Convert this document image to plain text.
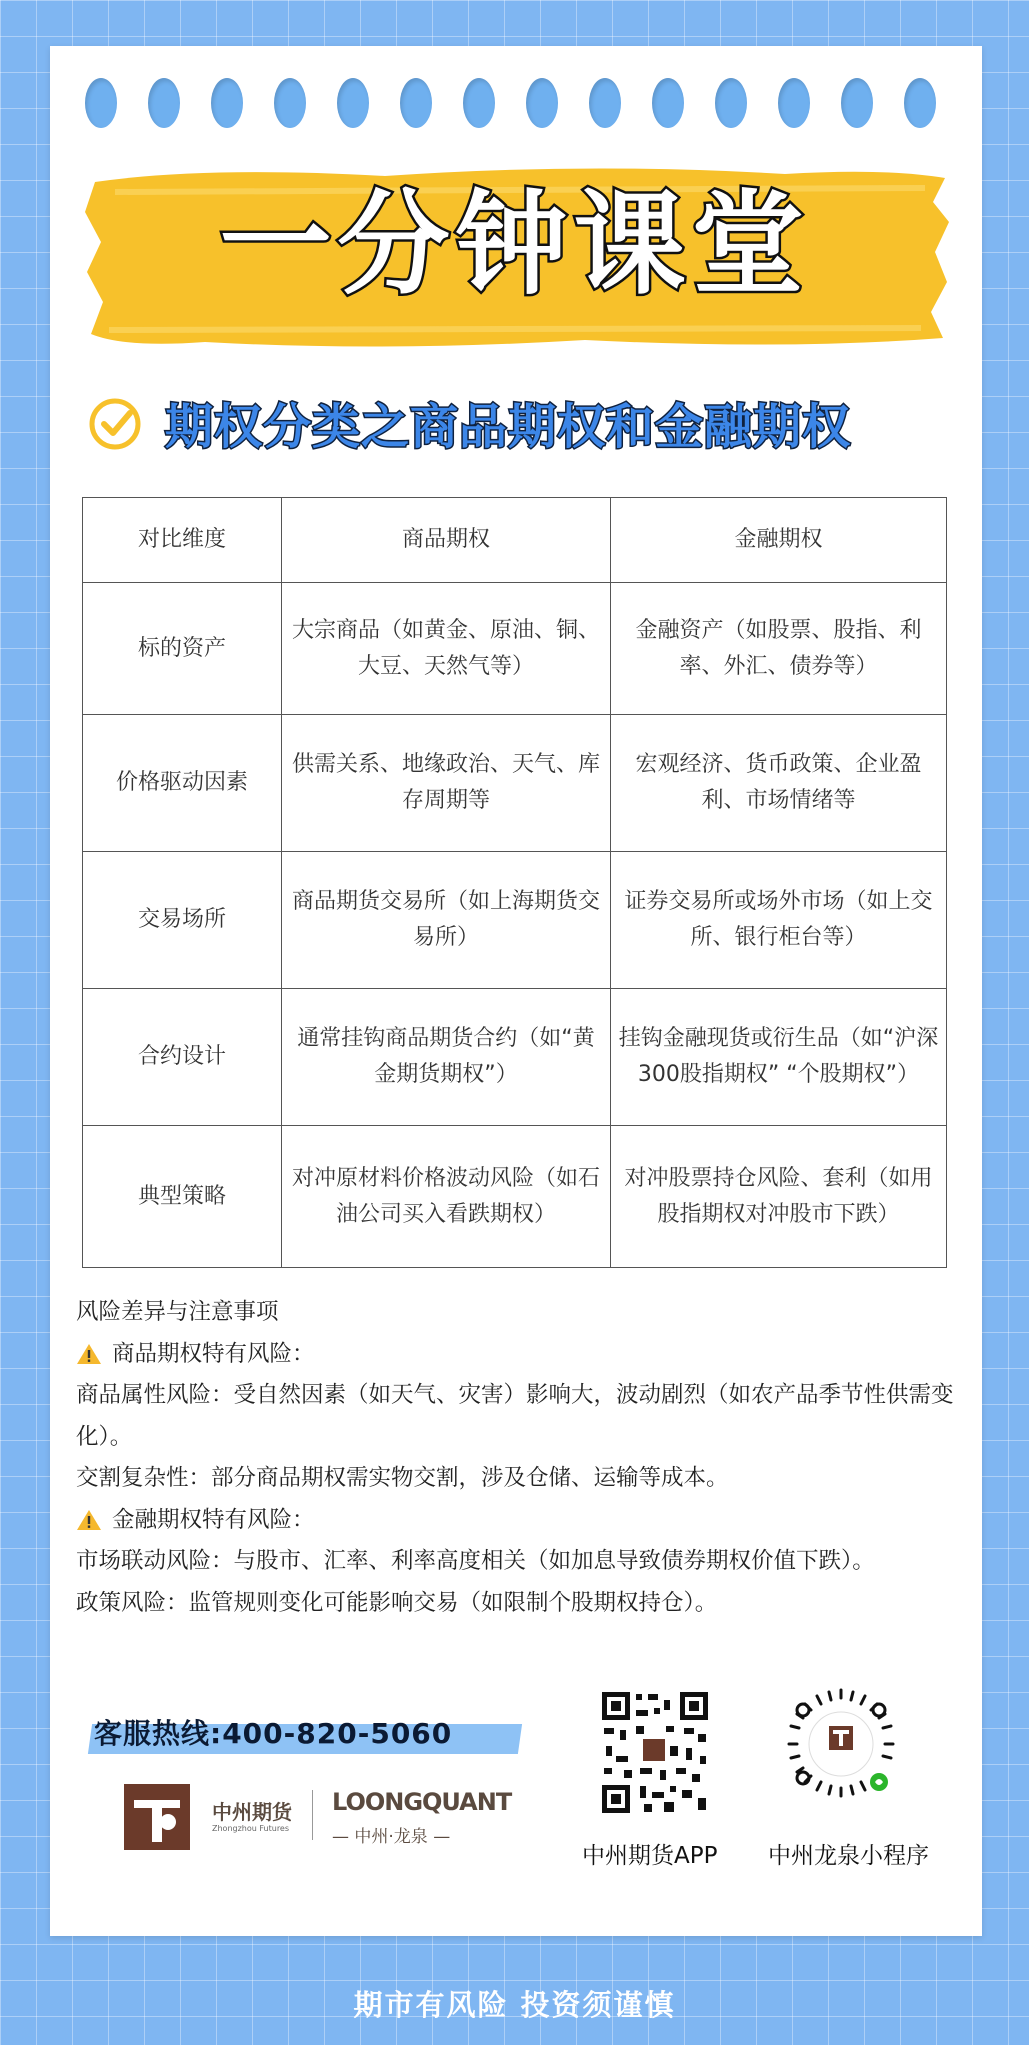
一分钟课堂
期权分类之商品期权和金融期权
对比维度	商品期权	金融期权
标的资产	大宗商品（如黄金、原油、铜、大豆、天然气等）	金融资产（如股票、股指、利率、外汇、债券等）
价格驱动因素	供需关系、地缘政治、天气、库存周期等	宏观经济、货币政策、企业盈利、市场情绪等
交易场所	商品期货交易所（如上海期货交易所）	证券交易所或场外市场（如上交所、银行柜台等）
合约设计	通常挂钩商品期货合约（如“黄金期货期权”）	挂钩金融现货或衍生品（如“沪深300股指期权” “个股期权”）
典型策略	对冲原材料价格波动风险（如石油公司买入看跌期权）	对冲股票持仓风险、套利（如用股指期权对冲股市下跌）
风险差异与注意事项
商品期权特有风险：
商品属性风险：受自然因素（如天气、灾害）影响大，波动剧烈（如农产品季节性供需变化）。
交割复杂性：部分商品期权需实物交割，涉及仓储、运输等成本。
金融期权特有风险：
市场联动风险：与股市、汇率、利率高度相关（如加息导致债券期权价值下跌）。
政策风险：监管规则变化可能影响交易（如限制个股期权持仓）。
客服热线:400-820-5060
中州期货
Zhongzhou Futures
LOONGQUANT
— 中州·龙泉 —
中州期货APP 中州龙泉小程序
期市有风险 投资须谨慎
